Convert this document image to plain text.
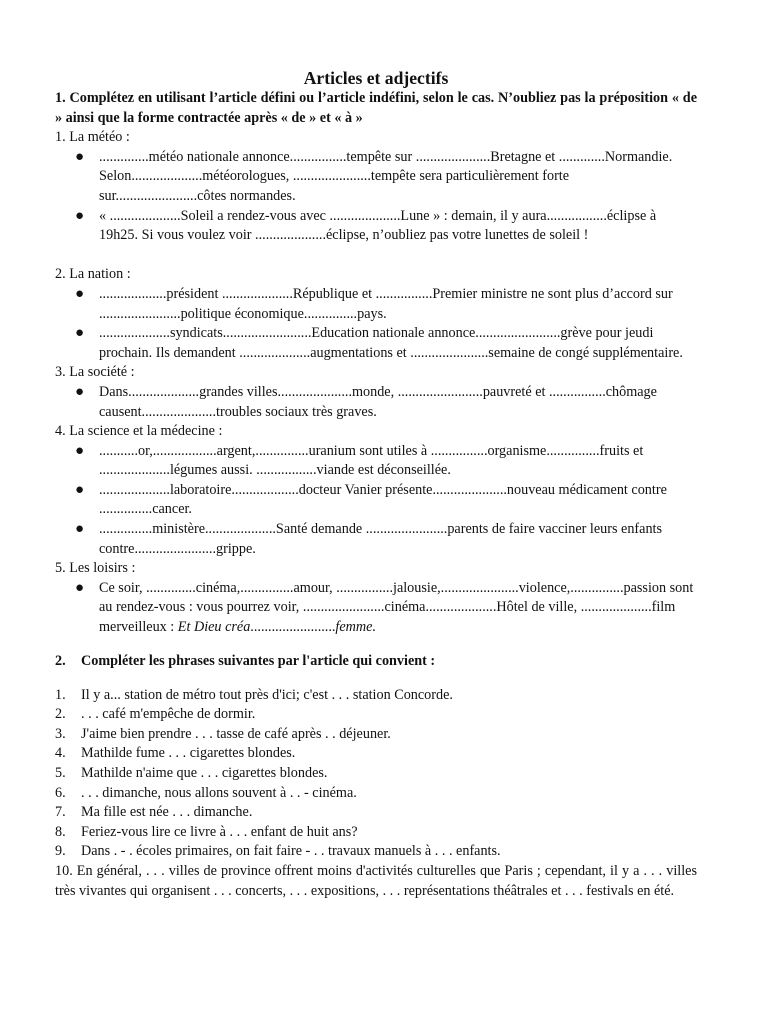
Articles et adjectifs

1. Complétez en utilisant l’article défini ou l’article indéfini, selon le cas. N’oubliez pas la préposition « de » ainsi que la forme contractée après « de » et « à »

1. La météo :

● ..............météo nationale annonce................tempête sur .....................Bretagne et .............Normandie. Selon....................météorologues, ......................tempête sera particulièrement forte sur.......................côtes normandes.
● « ....................Soleil a rendez-vous avec ....................Lune » : demain, il y aura.................éclipse à 19h25. Si vous voulez voir ....................éclipse, n’oubliez pas votre lunettes de soleil !

2. La nation :

● ...................président ....................République et ................Premier ministre ne sont plus d’accord sur .......................politique économique...............pays.
● ....................syndicats.........................Education nationale annonce........................grève pour jeudi prochain. Ils demandent ....................augmentations et ......................semaine de congé supplémentaire.

3. La société :

● Dans....................grandes villes.....................monde, ........................pauvreté et ................chômage causent.....................troubles sociaux très graves.

4. La science et la médecine :

● ...........or,..................argent,...............uranium sont utiles à ................organisme...............fruits et ....................légumes aussi. .................viande est déconseillée.
● ....................laboratoire...................docteur Vanier présente.....................nouveau médicament contre ...............cancer.
● ...............ministère....................Santé demande .......................parents de faire vacciner leurs enfants contre.......................grippe.

5. Les loisirs :

● Ce soir, ..............cinéma,...............amour, ................jalousie,......................violence,...............passion sont au rendez-vous : vous pourrez voir, .......................cinéma....................Hôtel de ville, ....................film merveilleux : Et Dieu créa........................femme.

2. Compléter les phrases suivantes par l'article qui convient :

1. Il y a... station de métro tout près d'ici; c'est . . . station Concorde.
2. . . . café m'empêche de dormir.
3. J'aime bien prendre . . . tasse de café après . . déjeuner.
4. Mathilde fume . . . cigarettes blondes.
5. Mathilde n'aime que . . . cigarettes blondes.
6. . . . dimanche, nous allons souvent à . . - cinéma.
7. Ma fille est née . . . dimanche.
8. Feriez-vous lire ce livre à . . . enfant de huit ans?
9. Dans . - . écoles primaires, on fait faire - . . travaux manuels à . . . enfants.

10. En général, . . . villes de province offrent moins d'activités culturelles que Paris ; cependant, il y a . . . villes très vivantes qui organisent . . . concerts, . . . expositions, . . . représentations théâtrales et . . . festivals en été.
